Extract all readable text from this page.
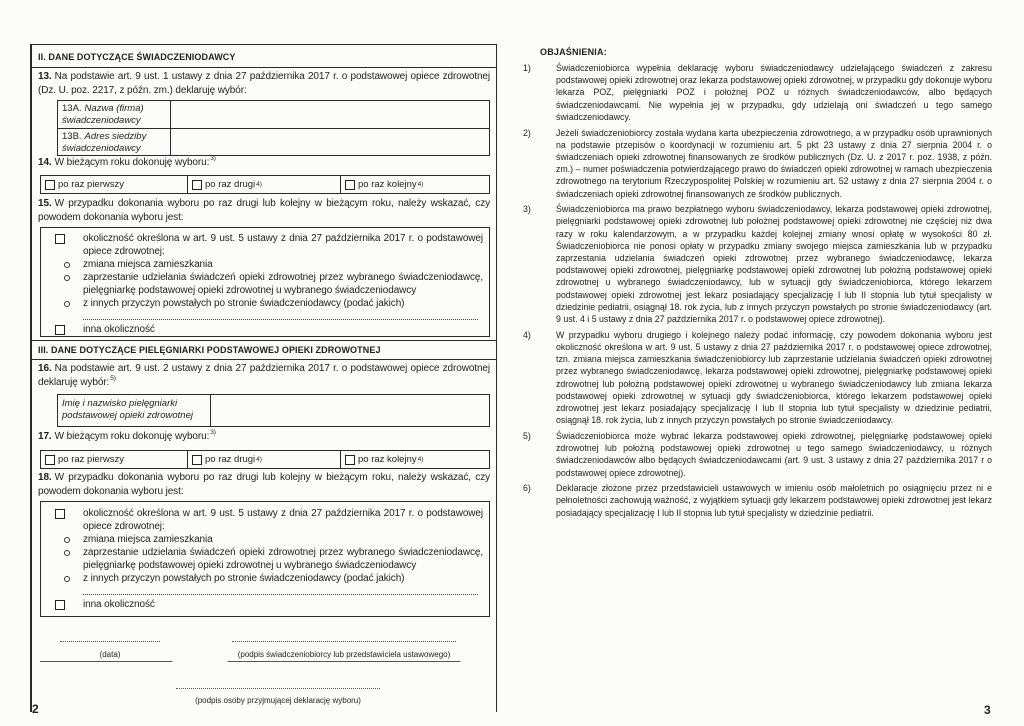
II. DANE DOTYCZĄCE ŚWIADCZENIODAWCY

13. Na podstawie art. 9 ust. 1 ustawy z dnia 27 października 2017 r. o podstawowej opiece zdrowotnej (Dz. U. poz. 2217, z późn. zm.) deklaruję wybór:

13A. Nazwa (firma) świadczeniodawcy
13B. Adres siedziby świadczeniodawcy

14. W bieżącym roku dokonuję wyboru:$^{3)}$

po raz pierwszy	po raz drugi 4)	po raz kolejny 4)

15. W przypadku dokonania wyboru po raz drugi lub kolejny w bieżącym roku, należy wskazać, czy powodem dokonania wyboru jest:

okoliczność określona w art. 9 ust. 5 ustawy z dnia 27 października 2017 r. o podstawowej opiece zdrowotnej:
zmiana miejsca zamieszkania
zaprzestanie udzielania świadczeń opieki zdrowotnej przez wybranego świadczeniodawcę, pielęgniarkę podstawowej opieki zdrowotnej u wybranego świadczeniodawcy
z innych przyczyn powstałych po stronie świadczeniodawcy (podać jakich)
inna okoliczność
III. DANE DOTYCZĄCE PIELĘGNIARKI PODSTAWOWEJ OPIEKI ZDROWOTNEJ

16. Na podstawie art. 9 ust. 2 ustawy z dnia 27 października 2017 r. o podstawowej opiece zdrowotnej deklaruję wybór:$^{5)}$

Imię i nazwisko pielęgniarki podstawowej opieki zdrowotnej

17. W bieżącym roku dokonuję wyboru:$^{3)}$

po raz pierwszy	po raz drugi 4)	po raz kolejny 4)

18. W przypadku dokonania wyboru po raz drugi lub kolejny w bieżącym roku, należy wskazać, czy powodem dokonania wyboru jest:

okoliczność określona w art. 9 ust. 5 ustawy z dnia 27 października 2017 r. o podstawowej opiece zdrowotnej:
zmiana miejsca zamieszkania
zaprzestanie udzielania świadczeń opieki zdrowotnej przez wybranego świadczeniodawcę, pielęgniarkę podstawowej opieki zdrowotnej u wybranego świadczeniodawcy
z innych przyczyn powstałych po stronie świadczeniodawcy (podać jakich)
inna okoliczność
(data)	(podpis świadczeniobiorcy lub przedstawiciela ustawowego)
(podpis osoby przyjmującej deklarację wyboru)
2
OBJAŚNIENIA:
1)	Świadczeniobiorca wypełnia deklarację wyboru świadczeniodawcy udzielającego świadczeń z zakresu podstawowej opieki zdrowotnej oraz lekarza podstawowej opieki zdrowotnej, w przypadku gdy dokonuje wyboru lekarza POZ, pielęgniarki POZ i położnej POZ u różnych świadczeniodawców, albo będących świadczeniodawcami. Nie wypełnia jej w przypadku, gdy udzielają oni świadczeń u tego samego świadczeniodawcy.
2)	Jeżeli świadczeniobiorcy została wydana karta ubezpieczenia zdrowotnego, a w przypadku osób uprawnionych na podstawie przepisów o koordynacji w rozumieniu art. 5 pkt 23 ustawy z dnia 27 sierpnia 2004 r. o świadczeniach opieki zdrowotnej finansowanych ze środków publicznych (Dz. U. z 2017 r. poz. 1938, z późn. zm.) – numer poświadczenia potwierdzającego prawo do świadczeń opieki zdrowotnej w ramach ubezpieczenia zdrowotnego na terytorium Rzeczypospolitej Polskiej w rozumieniu art. 52 ustawy z dnia 27 sierpnia 2004 r. o świadczeniach opieki zdrowotnej finansowanych ze środków publicznych.
3)	Świadczeniobiorca ma prawo bezpłatnego wyboru świadczeniodawcy, lekarza podstawowej opieki zdrowotnej, pielęgniarki podstawowej opieki zdrowotnej lub położnej podstawowej opieki zdrowotnej nie częściej niż dwa razy w roku kalendarzowym, a w przypadku każdej kolejnej zmiany wnosi opłatę w wysokości 80 zł. Świadczeniobiorca nie ponosi opłaty w przypadku zmiany swojego miejsca zamieszkania lub w przypadku zaprzestania udzielania świadczeń opieki zdrowotnej przez wybranego świadczeniodawcę, lekarza podstawowej opieki zdrowotnej, pielęgniarkę podstawowej opieki zdrowotnej lub położną podstawowej opieki zdrowotnej u wybranego świadczeniodawcy, lub w sytuacji gdy świadczeniobiorca, którego lekarzem podstawowej opieki zdrowotnej jest lekarz posiadający specjalizację I lub II stopnia lub tytuł specjalisty w dziedzinie pediatrii, osiągnął 18. rok życia, lub z innych przyczyn powstałych po stronie świadczeniodawcy (art. 9 ust. 4 i 5 ustawy z dnia 27 października 2017 r. o podstawowej opiece zdrowotnej).
4)	W przypadku wyboru drugiego i kolejnego należy podać informację, czy powodem dokonania wyboru jest okoliczność określona w art. 9 ust. 5 ustawy z dnia 27 października 2017 r. o podstawowej opiece zdrowotnej, tzn. zmiana miejsca zamieszkania świadczeniobiorcy lub zaprzestanie udzielania świadczeń opieki zdrowotnej przez wybranego świadczeniodawcę, lekarza podstawowej opieki zdrowotnej, pielęgniarkę podstawowej opieki zdrowotnej lub położną podstawowej opieki zdrowotnej u wybranego świadczeniodawcy lub zmiana lekarza podstawowej opieki zdrowotnej w sytuacji gdy świadczeniobiorca, którego lekarzem podstawowej opieki zdrowotnej jest lekarz posiadający specjalizację I lub II stopnia lub tytuł specjalisty w dziedzinie pediatrii, osiągnął 18. rok życia, lub z innych przyczyn powstałych po stronie świadczeniodawcy.
5)	Świadczeniobiorca może wybrać lekarza podstawowej opieki zdrowotnej, pielęgniarkę podstawowej opieki zdrowotnej lub położną podstawowej opieki zdrowotnej u tego samego świadczeniodawcy, u różnych świadczeniodawców albo będących świadczeniodawcami (art. 9 ust. 3 ustawy z dnia 27 października 2017 r o podstawowej opiece zdrowotnej).
6)	Deklaracje złożone przez przedstawicieli ustawowych w imieniu osób małoletnich po osiągnięciu przez ni e pełnoletności zachowują ważność, z wyjątkiem sytuacji gdy lekarzem podstawowej opieki zdrowotnej jest lekarz posiadający specjalizację I lub II stopnia lub tytuł specjalisty w dziedzinie pediatrii.
3
